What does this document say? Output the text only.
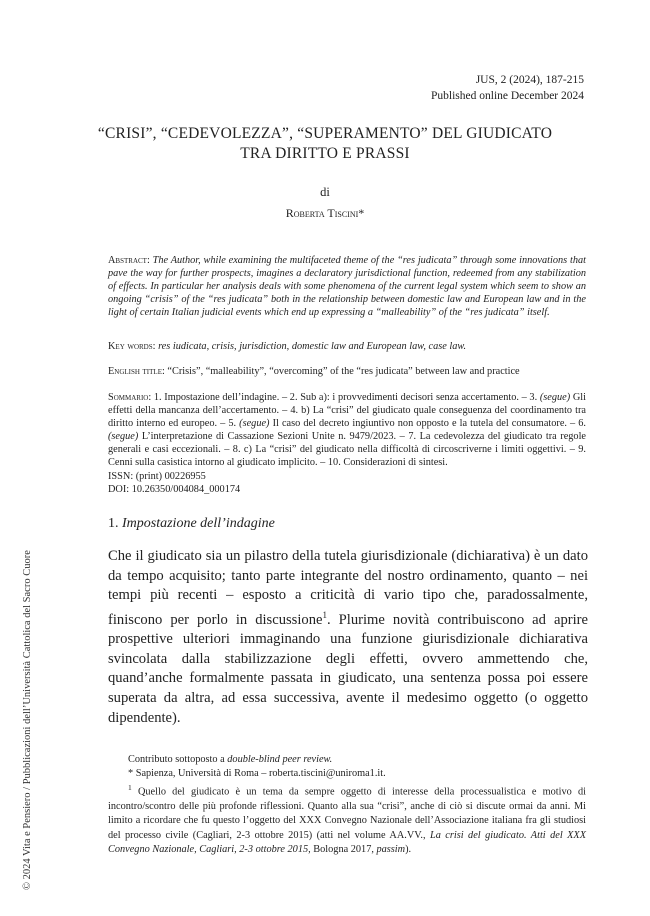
© 2024 Vita e Pensiero / Pubblicazioni dell’Università Cattolica del Sacro Cuore
JUS, 2 (2024), 187-215
Published online December 2024
“CRISI”, “CEDEVOLEZZA”, “SUPERAMENTO” DEL GIUDICATO
TRA DIRITTO E PRASSI
di
Roberta Tiscini*
Abstract: The Author, while examining the multifaceted theme of the “res judicata” through some innovations that pave the way for further prospects, imagines a declaratory jurisdictional function, redeemed from any stabilization of effects. In particular her analysis deals with some phenomena of the current legal system which seem to show an ongoing “crisis” of the “res judicata” both in the relationship between domestic law and European law and in the light of certain Italian judicial events which end up expressing a “malleability” of the “res judicata” itself.
Key words: res iudicata, crisis, jurisdiction, domestic law and European law, case law.
English title: “Crisis”, “malleability”, “overcoming” of the “res judicata” between law and practice
Sommario: 1. Impostazione dell’indagine. – 2. Sub a): i provvedimenti decisori senza accertamento. – 3. (segue) Gli effetti della mancanza dell’accertamento. – 4. b) La “crisi” del giudicato quale conseguenza del coordinamento tra diritto interno ed europeo. – 5. (segue) Il caso del decreto ingiuntivo non opposto e la tutela del consumatore. – 6. (segue) L’interpretazione di Cassazione Sezioni Unite n. 9479/2023. – 7. La cedevolezza del giudicato tra regole generali e casi eccezionali. – 8. c) La “crisi” del giudicato nella difficoltà di circoscriverne i limiti oggettivi. – 9. Cenni sulla casistica intorno al giudicato implicito. – 10. Considerazioni di sintesi.
ISSN: (print) 00226955
DOI: 10.26350/004084_000174
1. Impostazione dell’indagine
Che il giudicato sia un pilastro della tutela giurisdizionale (dichiarativa) è un dato da tempo acquisito; tanto parte integrante del nostro ordinamento, quanto – nei tempi più recenti – esposto a criticità di vario tipo che, paradossalmente, finiscono per porlo in discussione$^1$. Plurime novità contribuiscono ad aprire prospettive ulteriori immaginando una funzione giurisdizionale dichiarativa svincolata dalla stabilizzazione degli effetti, ovvero ammettendo che, quand’anche formalmente passata in giudicato, una sentenza possa poi essere superata da altra, ad essa successiva, avente il medesimo oggetto (o oggetto dipendente).
Contributo sottoposto a double-blind peer review.
* Sapienza, Università di Roma – roberta.tiscini@uniroma1.it.
$^1$ Quello del giudicato è un tema da sempre oggetto di interesse della processualistica e motivo di incontro/scontro delle più profonde riflessioni. Quanto alla sua “crisi”, anche di ciò si discute ormai da anni. Mi limito a ricordare che fu questo l’oggetto del XXX Convegno Nazionale dell’Associazione italiana fra gli studiosi del processo civile (Cagliari, 2-3 ottobre 2015) (atti nel volume AA.VV., La crisi del giudicato. Atti del XXX Convegno Nazionale, Cagliari, 2-3 ottobre 2015, Bologna 2017, passim).
